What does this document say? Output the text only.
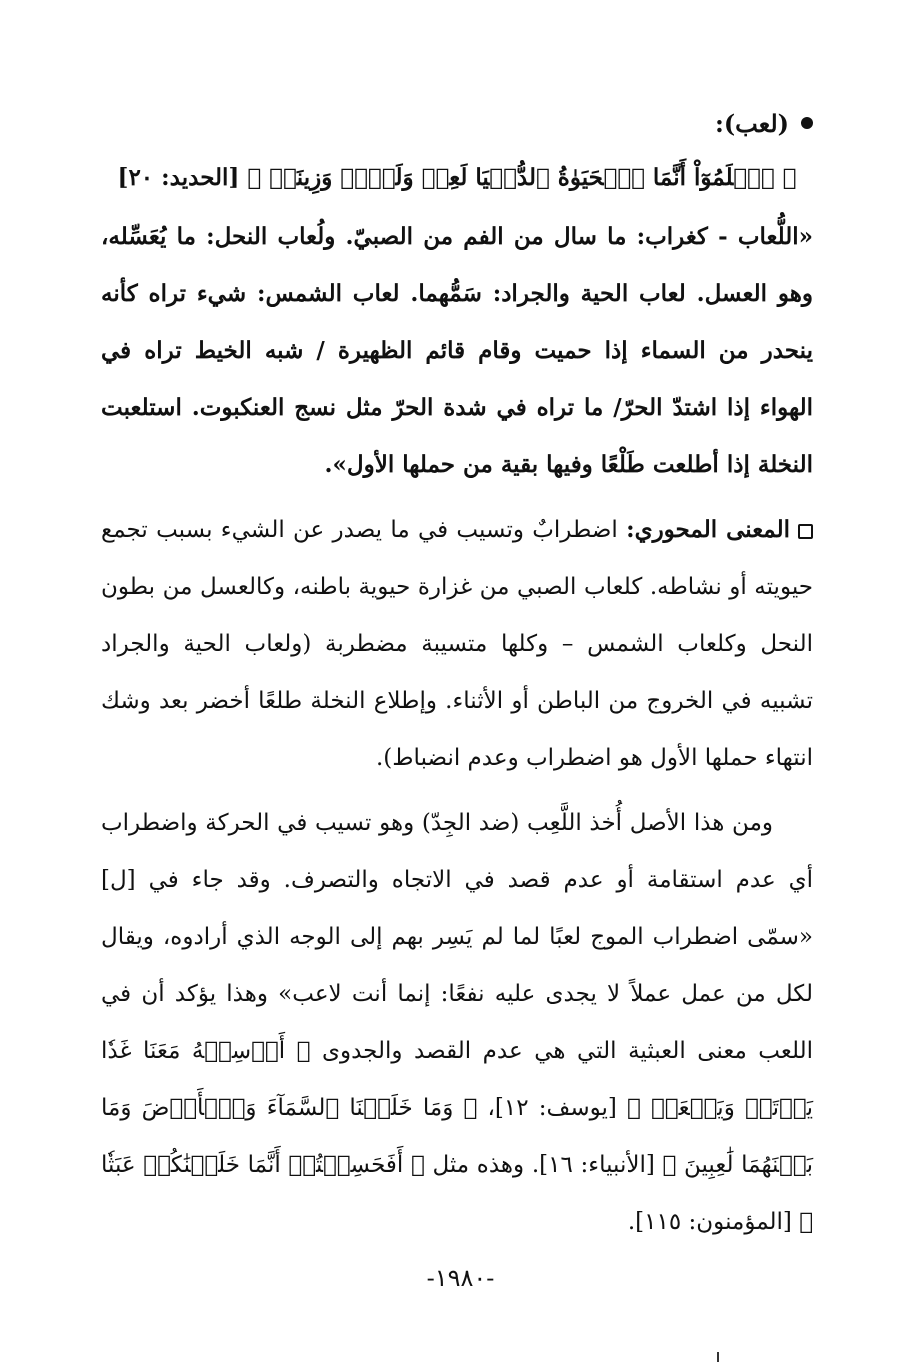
(لعب):

﴿ ٱعۡلَمُوٓاْ أَنَّمَا ٱلۡحَيَوٰةُ ٱلدُّنۡيَا لَعِبٞ وَلَهۡوٞ وَزِينَةٞ ﴾ [الحديد: ٢٠]

«اللُّعاب - كغراب: ما سال من الفم من الصبيّ. ولُعاب النحل: ما يُعَسِّله، وهو العسل. لعاب الحية والجراد: سَمُّهما. لعاب الشمس: شيء تراه كأنه ينحدر من السماء إذا حميت وقام قائم الظهيرة / شبه الخيط تراه في الهواء إذا اشتدّ الحرّ/ ما تراه في شدة الحرّ مثل نسج العنكبوت. استلعبت النخلة إذا أطلعت طَلْعًا وفيها بقية من حملها الأول».

المعنى المحوري: اضطرابٌ وتسيب في ما يصدر عن الشيء بسبب تجمع حيويته أو نشاطه. كلعاب الصبي من غزارة حيوية باطنه، وكالعسل من بطون النحل وكلعاب الشمس – وكلها متسيبة مضطربة (ولعاب الحية والجراد تشبيه في الخروج من الباطن أو الأثناء. وإطلاع النخلة طلعًا أخضر بعد وشك انتهاء حملها الأول هو اضطراب وعدم انضباط).

ومن هذا الأصل أُخذ اللَّعِب (ضد الجِدّ) وهو تسيب في الحركة واضطراب أي عدم استقامة أو عدم قصد في الاتجاه والتصرف. وقد جاء في [ل] «سمّى اضطراب الموج لعبًا لما لم يَسِر بهم إلى الوجه الذي أرادوه، ويقال لكل من عمل عملاً لا يجدى عليه نفعًا: إنما أنت لاعب» وهذا يؤكد أن في اللعب معنى العبثية التي هي عدم القصد والجدوى ﴿ أَرۡسِلۡهُ مَعَنَا غَدٗا يَرۡتَعۡ وَيَلۡعَبۡ ﴾ [يوسف: ١٢]، ﴿ وَمَا خَلَقۡنَا ٱلسَّمَآءَ وَٱلۡأَرۡضَ وَمَا بَيۡنَهُمَا لَٰعِبِينَ ﴾ [الأنبياء: ١٦]. وهذه مثل ﴿ أَفَحَسِبۡتُمۡ أَنَّمَا خَلَقۡنَٰكُمۡ عَبَثٗا ﴾ [المؤمنون: ١١٥].

-١٩٨٠-
